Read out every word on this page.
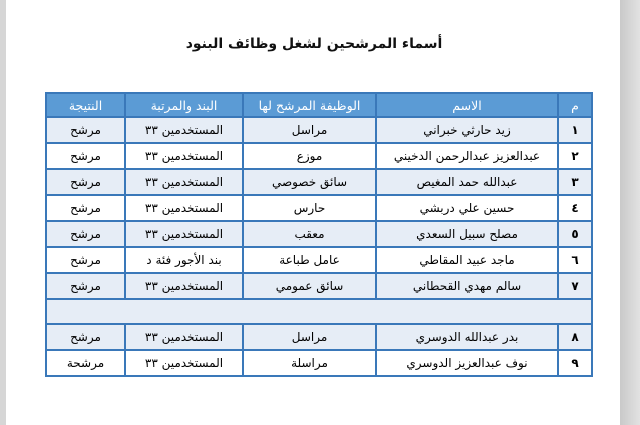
أسماء المرشحين لشغل وظائف البنود
م	الاسم	الوظيفة المرشح لها	البند والمرتبة	النتيجة
١	زيد حارثي خبراني	مراسل	المستخدمين ٣٣	مرشح
٢	عبدالعزيز عبدالرحمن الدخيني	موزع	المستخدمين ٣٣	مرشح
٣	عبدالله حمد المغيص	سائق خصوصي	المستخدمين ٣٣	مرشح
٤	حسين علي دربشي	حارس	المستخدمين ٣٣	مرشح
٥	مصلح سبيل السعدي	معقب	المستخدمين ٣٣	مرشح
٦	ماجد عبيد المقاطي	عامل طباعة	بند الأجور فئة د	مرشح
٧	سالم مهدي القحطاني	سائق عمومي	المستخدمين ٣٣	مرشح

٨	بدر عبدالله الدوسري	مراسل	المستخدمين ٣٣	مرشح
٩	نوف عبدالعزيز الدوسري	مراسلة	المستخدمين ٣٣	مرشحة
